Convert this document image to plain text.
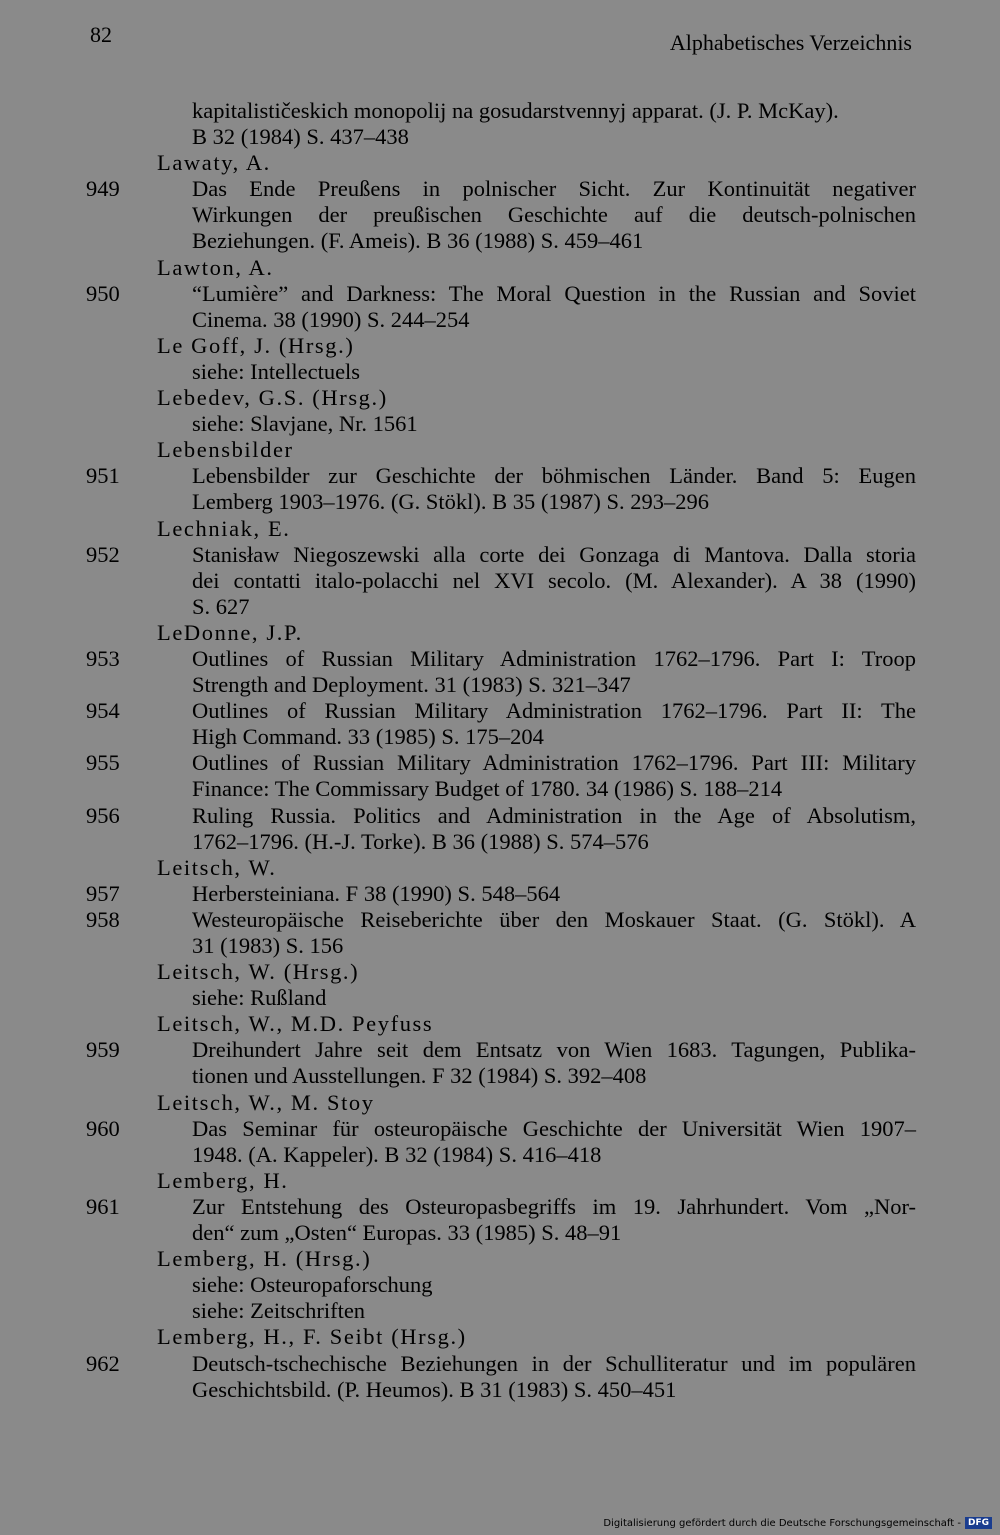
82	Alphabetisches Verzeichnis
kapitalističeskich monopolij na gosudarstvennyj apparat. (J. P. McKay).
B 32 (1984) S. 437–438
Lawaty, A.
949	Das Ende Preußens in polnischer Sicht. Zur Kontinuität negativer
Wirkungen der preußischen Geschichte auf die deutsch-polnischen
Beziehungen. (F. Ameis). B 36 (1988) S. 459–461
Lawton, A.
950	“Lumière” and Darkness: The Moral Question in the Russian and Soviet
Cinema. 38 (1990) S. 244–254
Le Goff, J. (Hrsg.)
siehe: Intellectuels
Lebedev, G.S. (Hrsg.)
siehe: Slavjane, Nr. 1561
Lebensbilder
951	Lebensbilder zur Geschichte der böhmischen Länder. Band 5: Eugen
Lemberg 1903–1976. (G. Stökl). B 35 (1987) S. 293–296
Lechniak, E.
952	Stanisław Niegoszewski alla corte dei Gonzaga di Mantova. Dalla storia
dei contatti italo-polacchi nel XVI secolo. (M. Alexander). A 38 (1990)
S. 627
LeDonne, J.P.
953	Outlines of Russian Military Administration 1762–1796. Part I: Troop
Strength and Deployment. 31 (1983) S. 321–347
954	Outlines of Russian Military Administration 1762–1796. Part II: The
High Command. 33 (1985) S. 175–204
955	Outlines of Russian Military Administration 1762–1796. Part III: Military
Finance: The Commissary Budget of 1780. 34 (1986) S. 188–214
956	Ruling Russia. Politics and Administration in the Age of Absolutism,
1762–1796. (H.-J. Torke). B 36 (1988) S. 574–576
Leitsch, W.
957	Herbersteiniana. F 38 (1990) S. 548–564
958	Westeuropäische Reiseberichte über den Moskauer Staat. (G. Stökl). A
31 (1983) S. 156
Leitsch, W. (Hrsg.)
siehe: Rußland
Leitsch, W., M.D. Peyfuss
959	Dreihundert Jahre seit dem Entsatz von Wien 1683. Tagungen, Publika-
tionen und Ausstellungen. F 32 (1984) S. 392–408
Leitsch, W., M. Stoy
960	Das Seminar für osteuropäische Geschichte der Universität Wien 1907–
1948. (A. Kappeler). B 32 (1984) S. 416–418
Lemberg, H.
961	Zur Entstehung des Osteuropasbegriffs im 19. Jahrhundert. Vom „Nor-
den“ zum „Osten“ Europas. 33 (1985) S. 48–91
Lemberg, H. (Hrsg.)
siehe: Osteuropaforschung
siehe: Zeitschriften
Lemberg, H., F. Seibt (Hrsg.)
962	Deutsch-tschechische Beziehungen in der Schulliteratur und im populären
Geschichtsbild. (P. Heumos). B 31 (1983) S. 450–451
Digitalisierung gefördert durch die Deutsche Forschungsgemeinschaft - DFG
